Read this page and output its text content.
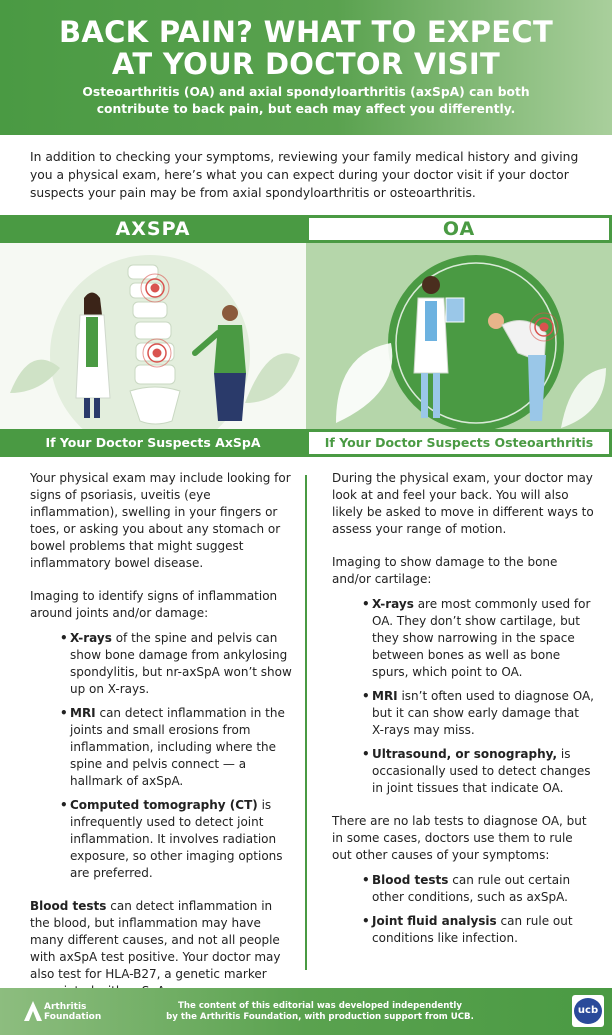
BACK PAIN? WHAT TO EXPECT
AT YOUR DOCTOR VISIT
Osteoarthritis (OA) and axial spondyloarthritis (axSpA) can both contribute to back pain, but each may affect you differently.
In addition to checking your symptoms, reviewing your family medical history and giving you a physical exam, here’s what you can expect during your doctor visit if your doctor suspects your pain may be from axial spondyloarthritis or osteoarthritis.
AXSPA	OA
If Your Doctor Suspects AxSpA	If Your Doctor Suspects Osteoarthritis

Your physical exam may include looking for signs of psoriasis, uveitis (eye inflammation), swelling in your fingers or toes, or asking you about any stomach or bowel problems that might suggest inflammatory bowel disease.

Imaging to identify signs of inflammation around joints and/or damage:

• X-rays of the spine and pelvis can show bone damage from ankylosing spondylitis, but nr-axSpA won’t show up on X-rays.
• MRI can detect inflammation in the joints and small erosions from inflammation, including where the spine and pelvis connect — a hallmark of axSpA.
• Computed tomography (CT) is infrequently used to detect joint inflammation. It involves radiation exposure, so other imaging options are preferred.

Blood tests can detect inflammation in the blood, but inflammation may have many different causes, and not all people with axSpA test positive. Your doctor may also test for HLA-B27, a genetic marker

During the physical exam, your doctor may look at and feel your back. You will also likely be asked to move in different ways to assess your range of motion.

Imaging to show damage to the bone and/or cartilage:

• X-rays are most commonly used for OA. They don’t show cartilage, but they show narrowing in the space between bones as well as bone spurs, which point to OA.
• MRI isn’t often used to diagnose OA, but it can show early damage that X-rays may miss.
• Ultrasound, or sonography, is occasionally used to detect changes in joint tissues that indicate OA.

There are no lab tests to diagnose OA, but in some cases, doctors use them to rule out other causes of your symptoms:

• Blood tests can rule out certain other conditions, such as axSpA.
• Joint fluid analysis can rule out conditions like infection.
Arthritis
Foundation
The content of this editorial was developed independently
by the Arthritis Foundation, with production support from UCB.
ucb
